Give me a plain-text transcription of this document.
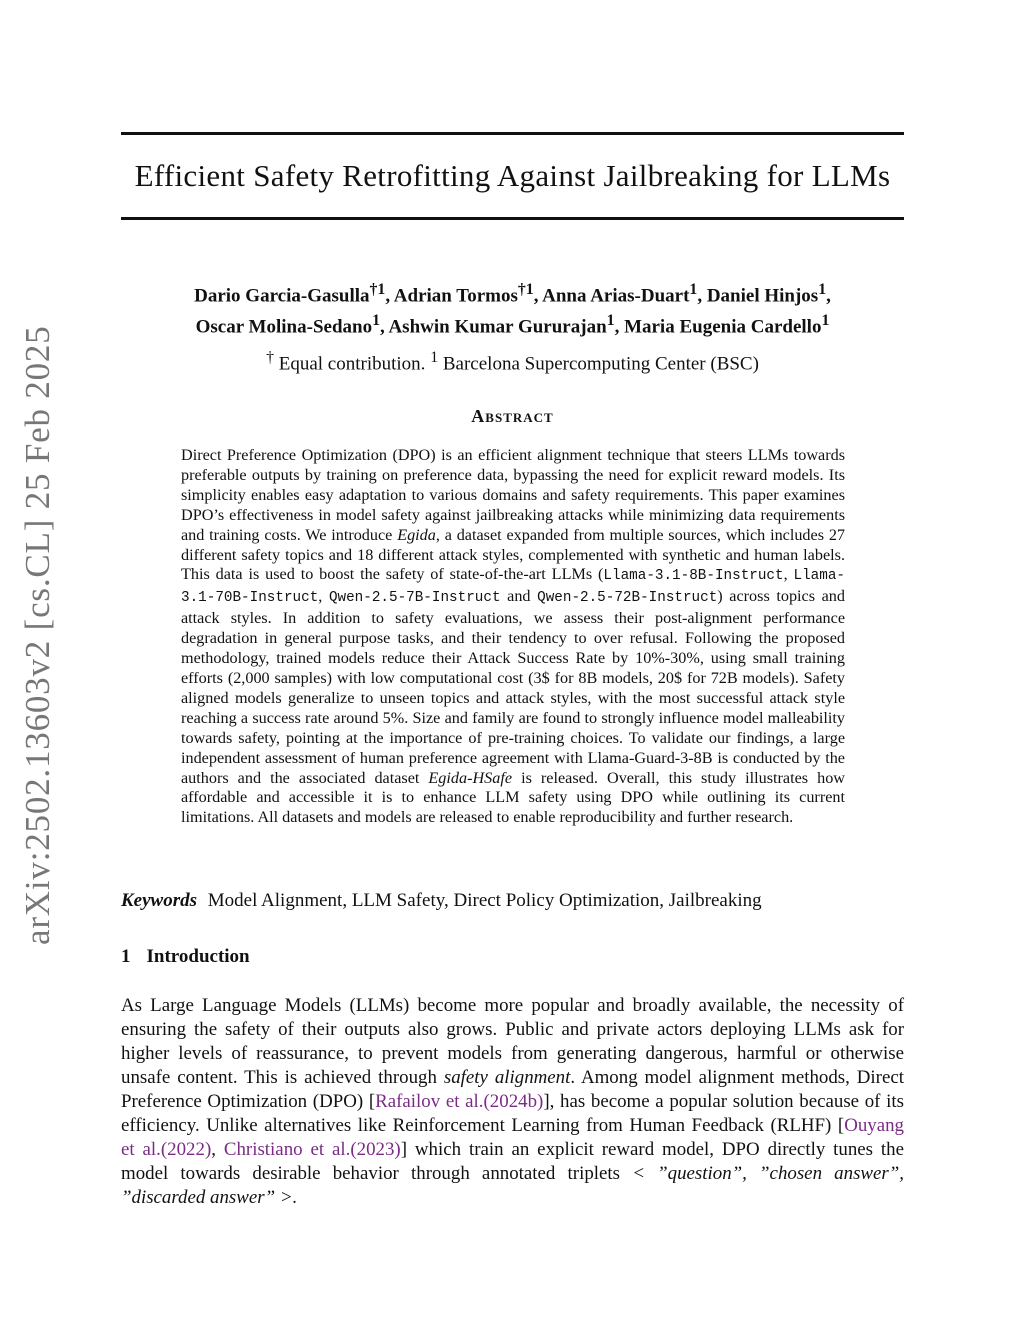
arXiv:2502.13603v2 [cs.CL] 25 Feb 2025
Efficient Safety Retrofitting Against Jailbreaking for LLMs
Dario Garcia-Gasulla$^{\dagger 1}$, Adrian Tormos$^{\dagger 1}$, Anna Arias-Duart$^1$, Daniel Hinjos$^1$,
Oscar Molina-Sedano$^1$, Ashwin Kumar Gururajan$^1$, Maria Eugenia Cardello$^1$
† Equal contribution. $^1$ Barcelona Supercomputing Center (BSC)
Abstract
Direct Preference Optimization (DPO) is an efficient alignment technique that steers LLMs towards preferable outputs by training on preference data, bypassing the need for explicit reward models. Its simplicity enables easy adaptation to various domains and safety requirements. This paper examines DPO’s effectiveness in model safety against jailbreaking attacks while minimizing data requirements and training costs. We introduce Egida, a dataset expanded from multiple sources, which includes 27 different safety topics and 18 different attack styles, complemented with synthetic and human labels. This data is used to boost the safety of state-of-the-art LLMs (Llama-3.1-8B-Instruct, Llama-3.1-70B-Instruct, Qwen-2.5-7B-Instruct and Qwen-2.5-72B-Instruct) across topics and attack styles. In addition to safety evaluations, we assess their post-alignment performance degradation in general purpose tasks, and their tendency to over refusal. Following the proposed methodology, trained models reduce their Attack Success Rate by 10%-30%, using small training efforts (2,000 samples) with low computational cost (3$ for 8B models, 20$ for 72B models). Safety aligned models generalize to unseen topics and attack styles, with the most successful attack style reaching a success rate around 5%. Size and family are found to strongly influence model malleability towards safety, pointing at the importance of pre-training choices. To validate our findings, a large independent assessment of human preference agreement with Llama-Guard-3-8B is conducted by the authors and the associated dataset Egida-HSafe is released. Overall, this study illustrates how affordable and accessible it is to enhance LLM safety using DPO while outlining its current limitations. All datasets and models are released to enable reproducibility and further research.
Keywords Model Alignment, LLM Safety, Direct Policy Optimization, Jailbreaking
1 Introduction
As Large Language Models (LLMs) become more popular and broadly available, the necessity of ensuring the safety of their outputs also grows. Public and private actors deploying LLMs ask for higher levels of reassurance, to prevent models from generating dangerous, harmful or otherwise unsafe content. This is achieved through safety alignment. Among model alignment methods, Direct Preference Optimization (DPO) [Rafailov et al.(2024b)], has become a popular solution because of its efficiency. Unlike alternatives like Reinforcement Learning from Human Feedback (RLHF) [Ouyang et al.(2022), Christiano et al.(2023)] which train an explicit reward model, DPO directly tunes the model towards desirable behavior through annotated triplets < ”question”, ”chosen answer”, ”discarded answer” >.
